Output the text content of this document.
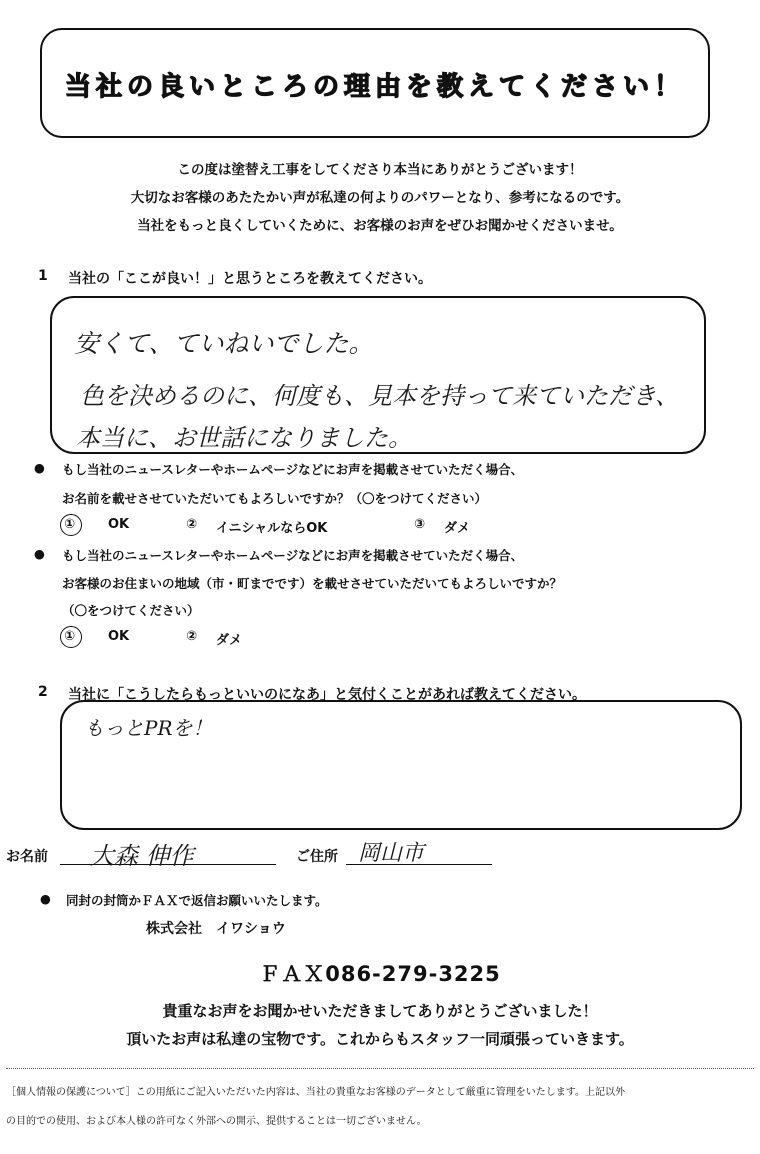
当社の良いところの理由を教えてください！
この度は塗替え工事をしてくださり本当にありがとうございます！
大切なお客様のあたたかい声が私達の何よりのパワーとなり、参考になるのです。
当社をもっと良くしていくために、お客様のお声をぜひお聞かせくださいませ。
1 当社の「ここが良い！」と思うところを教えてください。
安くて、ていねいでした。
色を決めるのに、何度も、見本を持って来ていただき、
本当に、お世話になりました。
● もし当社のニュースレターやホームページなどにお声を掲載させていただく場合、
お名前を載せさせていただいてもよろしいですか？（〇をつけてください）
①	OK	② イニシャルならOK	③ ダメ
● もし当社のニュースレターやホームページなどにお声を掲載させていただく場合、
お客様のお住まいの地域（市・町までです）を載せさせていただいてもよろしいですか？
（〇をつけてください）
①	OK	② ダメ
2 当社に「こうしたらもっといいのになあ」と気付くことがあれば教えてください。
もっとPRを！
お名前 大森 伸作	ご住所 岡山市
● 同封の封筒かＦＡＸで返信お願いいたします。
株式会社　イワショウ
ＦＡＸ086-279-3225
貴重なお声をお聞かせいただきましてありがとうございました！
頂いたお声は私達の宝物です。これからもスタッフ一同頑張っていきます。
［個人情報の保護について］この用紙にご記入いただいた内容は、当社の貴重なお客様のデータとして厳重に管理をいたします。上記以外
の目的での使用、および本人様の許可なく外部への開示、提供することは一切ございません。
